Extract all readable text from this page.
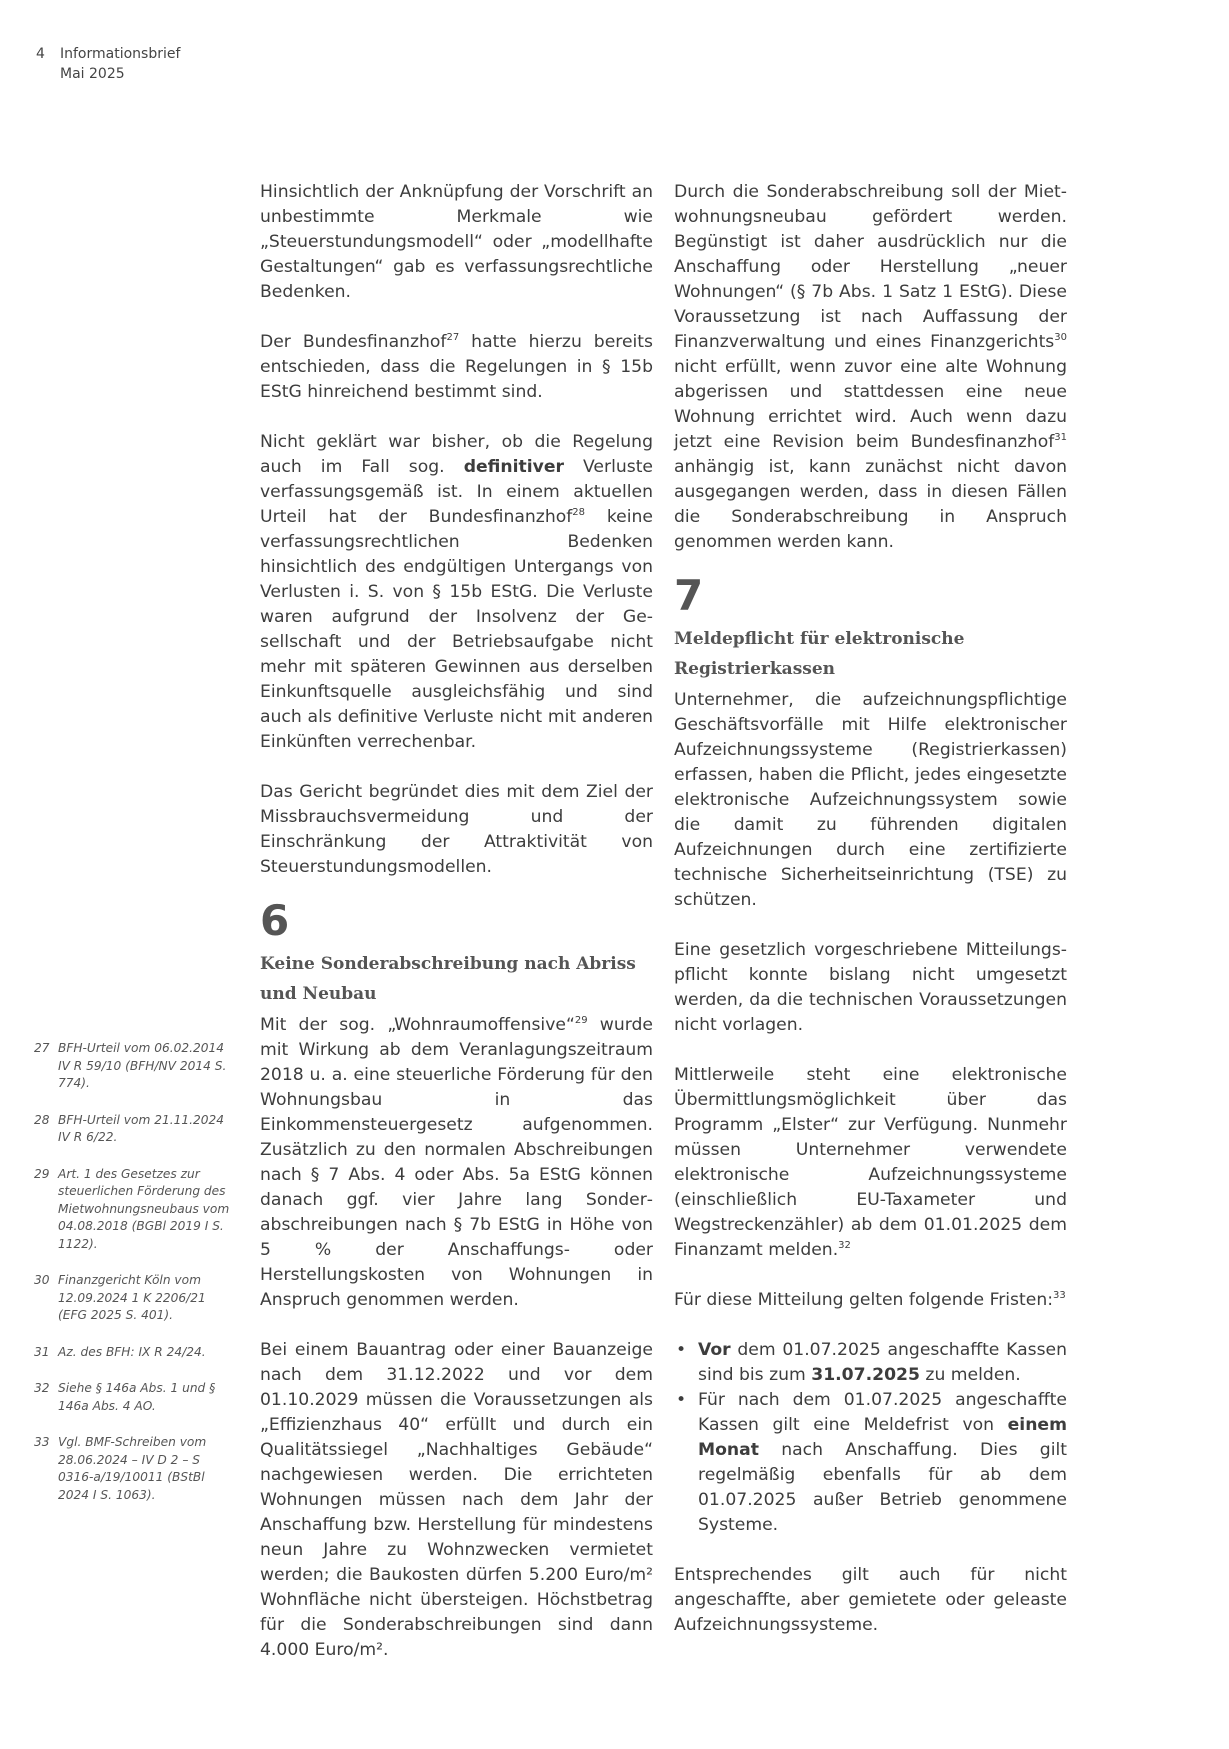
4	Informationsbrief
Mai 2025

Hinsichtlich der Anknüpfung der Vorschrift an unbestimmte Merkmale wie „Steuerstundungsmodell“ oder „modellhafte Gestaltungen“ gab es verfassungsrechtliche Bedenken.

Der Bundesfinanzhof$^{27}$ hatte hierzu bereits entschieden, dass die Regelungen in § 15b EStG hinreichend bestimmt sind.

Nicht geklärt war bisher, ob die Regelung auch im Fall sog. definitiver Verluste verfassungsgemäß ist. In einem aktuellen Urteil hat der Bundesfinanzhof$^{28}$ keine verfassungsrechtlichen Bedenken hinsichtlich des endgültigen Untergangs von Verlusten i. S. von § 15b EStG. Die Verluste waren aufgrund der Insolvenz der Gesellschaft und der Betriebsaufgabe nicht mehr mit späteren Gewinnen aus derselben Einkunftsquelle ausgleichsfähig und sind auch als definitive Verluste nicht mit anderen Einkünften verrechenbar.

Das Gericht begründet dies mit dem Ziel der Missbrauchsvermeidung und der Einschränkung der Attraktivität von Steuerstundungsmodellen.

6
Keine Sonderabschreibung nach Abriss und Neubau

Mit der sog. „Wohnraumoffensive“$^{29}$ wurde mit Wirkung ab dem Veranlagungszeitraum 2018 u. a. eine steuerliche Förderung für den Wohnungsbau in das Einkommensteuergesetz aufgenommen. Zusätzlich zu den normalen Abschreibungen nach § 7 Abs. 4 oder Abs. 5a EStG können danach ggf. vier Jahre lang Sonderabschreibungen nach § 7b EStG in Höhe von 5 % der Anschaffungs- oder Herstellungskosten von Wohnungen in Anspruch genommen werden.

Bei einem Bauantrag oder einer Bauanzeige nach dem 31.12.2022 und vor dem 01.10.2029 müssen die Voraussetzungen als „Effizienzhaus 40“ erfüllt und durch ein Qualitätssiegel „Nachhaltiges Gebäude“ nachgewiesen werden. Die errichteten Wohnungen müssen nach dem Jahr der Anschaffung bzw. Herstellung für mindestens neun Jahre zu Wohnzwecken vermietet werden; die Baukosten dürfen 5.200 Euro/m² Wohnfläche nicht übersteigen. Höchstbetrag für die Sonderabschreibungen sind dann 4.000 Euro/m².

Durch die Sonderabschreibung soll der Mietwohnungsneubau gefördert werden. Begünstigt ist daher ausdrücklich nur die Anschaffung oder Herstellung „neuer Wohnungen“ (§ 7b Abs. 1 Satz 1 EStG). Diese Voraussetzung ist nach Auffassung der Finanzverwaltung und eines Finanzgerichts$^{30}$ nicht erfüllt, wenn zuvor eine alte Wohnung abgerissen und stattdessen eine neue Wohnung errichtet wird. Auch wenn dazu jetzt eine Revision beim Bundesfinanzhof$^{31}$ anhängig ist, kann zunächst nicht davon ausgegangen werden, dass in diesen Fällen die Sonderabschreibung in Anspruch genommen werden kann.

7
Meldepflicht für elektronische Registrierkassen

Unternehmer, die aufzeichnungspflichtige Geschäftsvorfälle mit Hilfe elektronischer Aufzeichnungssysteme (Registrierkassen) erfassen, haben die Pflicht, jedes eingesetzte elektronische Aufzeichnungssystem sowie die damit zu führenden digitalen Aufzeichnungen durch eine zertifizierte technische Sicherheitseinrichtung (TSE) zu schützen.

Eine gesetzlich vorgeschriebene Mitteilungspflicht konnte bislang nicht umgesetzt werden, da die technischen Voraussetzungen nicht vorlagen.

Mittlerweile steht eine elektronische Übermittlungsmöglichkeit über das Programm „Elster“ zur Verfügung. Nunmehr müssen Unternehmer verwendete elektronische Aufzeichnungssysteme (einschließlich EU-Taxameter und Wegstreckenzähler) ab dem 01.01.2025 dem Finanzamt melden.$^{32}$

Für diese Mitteilung gelten folgende Fristen:$^{33}$

• Vor dem 01.07.2025 angeschaffte Kassen sind bis zum 31.07.2025 zu melden.
• Für nach dem 01.07.2025 angeschaffte Kassen gilt eine Meldefrist von einem Monat nach Anschaffung. Dies gilt regelmäßig ebenfalls für ab dem 01.07.2025 außer Betrieb genommene Systeme.

Entsprechendes gilt auch für nicht angeschaffte, aber gemietete oder geleaste Aufzeichnungssysteme.

27 BFH-Urteil vom 06.02.2014 IV R 59/10 (BFH/NV 2014 S. 774).
28 BFH-Urteil vom 21.11.2024 IV R 6/22.
29 Art. 1 des Gesetzes zur steuerlichen Förderung des Mietwohnungsneubaus vom 04.08.2018 (BGBl 2019 I S. 1122).
30 Finanzgericht Köln vom 12.09.2024 1 K 2206/21 (EFG 2025 S. 401).
31 Az. des BFH: IX R 24/24.
32 Siehe § 146a Abs. 1 und § 146a Abs. 4 AO.
33 Vgl. BMF-Schreiben vom 28.06.2024 – IV D 2 – S 0316-a/19/10011 (BStBl 2024 I S. 1063).
